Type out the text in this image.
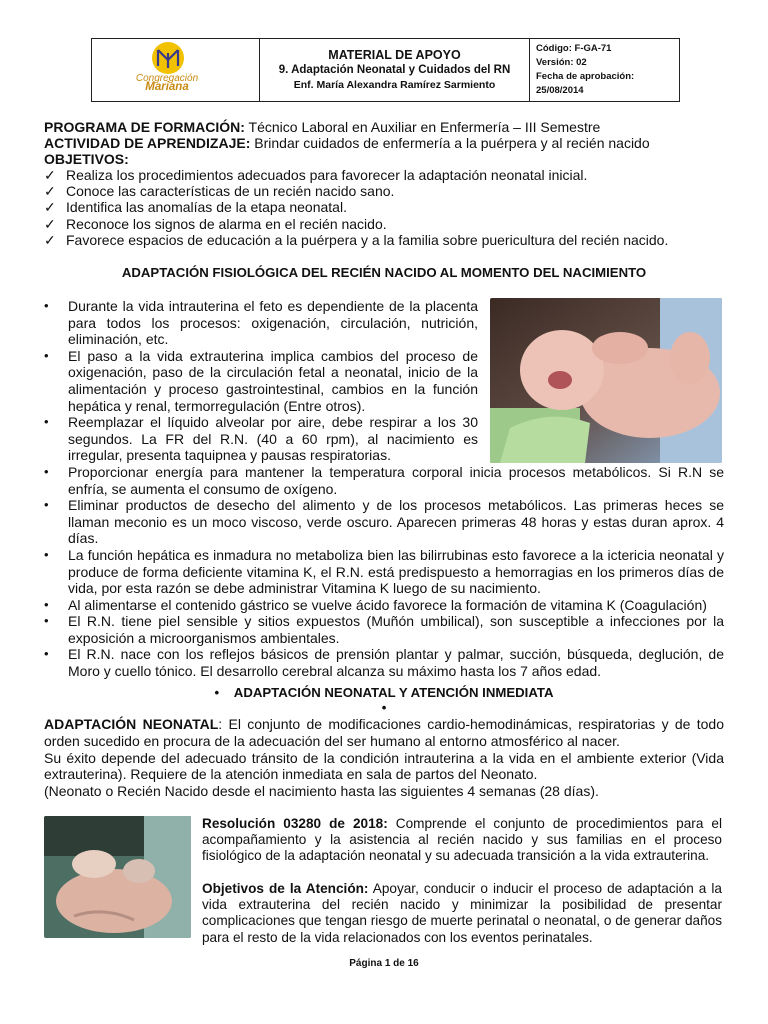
Congregación
Mariana
MATERIAL DE APOYO
9. Adaptación Neonatal y Cuidados del RN
Enf. María Alexandra Ramírez Sarmiento
Código: F-GA-71
Versión: 02
Fecha de aprobación:
25/08/2014
PROGRAMA DE FORMACIÓN: Técnico Laboral en Auxiliar en Enfermería – III Semestre
ACTIVIDAD DE APRENDIZAJE: Brindar cuidados de enfermería a la puérpera y al recién nacido
OBJETIVOS:
✓ Realiza los procedimientos adecuados para favorecer la adaptación neonatal inicial.
✓ Conoce las características de un recién nacido sano.
✓ Identifica las anomalías de la etapa neonatal.
✓ Reconoce los signos de alarma en el recién nacido.
✓ Favorece espacios de educación a la puérpera y a la familia sobre puericultura del recién nacido.
ADAPTACIÓN FISIOLÓGICA DEL RECIÉN NACIDO AL MOMENTO DEL NACIMIENTO
• Durante la vida intrauterina el feto es dependiente de la placenta para todos los procesos: oxigenación, circulación, nutrición, eliminación, etc.
• El paso a la vida extrauterina implica cambios del proceso de oxigenación, paso de la circulación fetal a neonatal, inicio de la alimentación y proceso gastrointestinal, cambios en la función hepática y renal, termorregulación (Entre otros).
• Reemplazar el líquido alveolar por aire, debe respirar a los 30 segundos. La FR del R.N. (40 a 60 rpm), al nacimiento es irregular, presenta taquipnea y pausas respiratorias.
• Proporcionar energía para mantener la temperatura corporal inicia procesos metabólicos. Si R.N se enfría, se aumenta el consumo de oxígeno.
• Eliminar productos de desecho del alimento y de los procesos metabólicos. Las primeras heces se llaman meconio es un moco viscoso, verde oscuro. Aparecen primeras 48 horas y estas duran aprox. 4 días.
• La función hepática es inmadura no metaboliza bien las bilirrubinas esto favorece a la ictericia neonatal y produce de forma deficiente vitamina K, el R.N. está predispuesto a hemorragias en los primeros días de vida, por esta razón se debe administrar Vitamina K luego de su nacimiento.
• Al alimentarse el contenido gástrico se vuelve ácido favorece la formación de vitamina K (Coagulación)
• El R.N. tiene piel sensible y sitios expuestos (Muñón umbilical), son susceptible a infecciones por la exposición a microorganismos ambientales.
• El R.N. nace con los reflejos básicos de prensión plantar y palmar, succión, búsqueda, deglución, de Moro y cuello tónico. El desarrollo cerebral alcanza su máximo hasta los 7 años edad.
• ADAPTACIÓN NEONATAL Y ATENCIÓN INMEDIATA
•

ADAPTACIÓN NEONATAL: El conjunto de modificaciones cardio-hemodinámicas, respiratorias y de todo orden sucedido en procura de la adecuación del ser humano al entorno atmosférico al nacer.

Su éxito depende del adecuado tránsito de la condición intrauterina a la vida en el ambiente exterior (Vida extrauterina). Requiere de la atención inmediata en sala de partos del Neonato.

(Neonato o Recién Nacido desde el nacimiento hasta las siguientes 4 semanas (28 días).

Resolución 03280 de 2018: Comprende el conjunto de procedimientos para el acompañamiento y la asistencia al recién nacido y sus familias en el proceso fisiológico de la adaptación neonatal y su adecuada transición a la vida extrauterina.

Objetivos de la Atención: Apoyar, conducir o inducir el proceso de adaptación a la vida extrauterina del recién nacido y minimizar la posibilidad de presentar complicaciones que tengan riesgo de muerte perinatal o neonatal, o de generar daños para el resto de la vida relacionados con los eventos perinatales.

Página 1 de 16
